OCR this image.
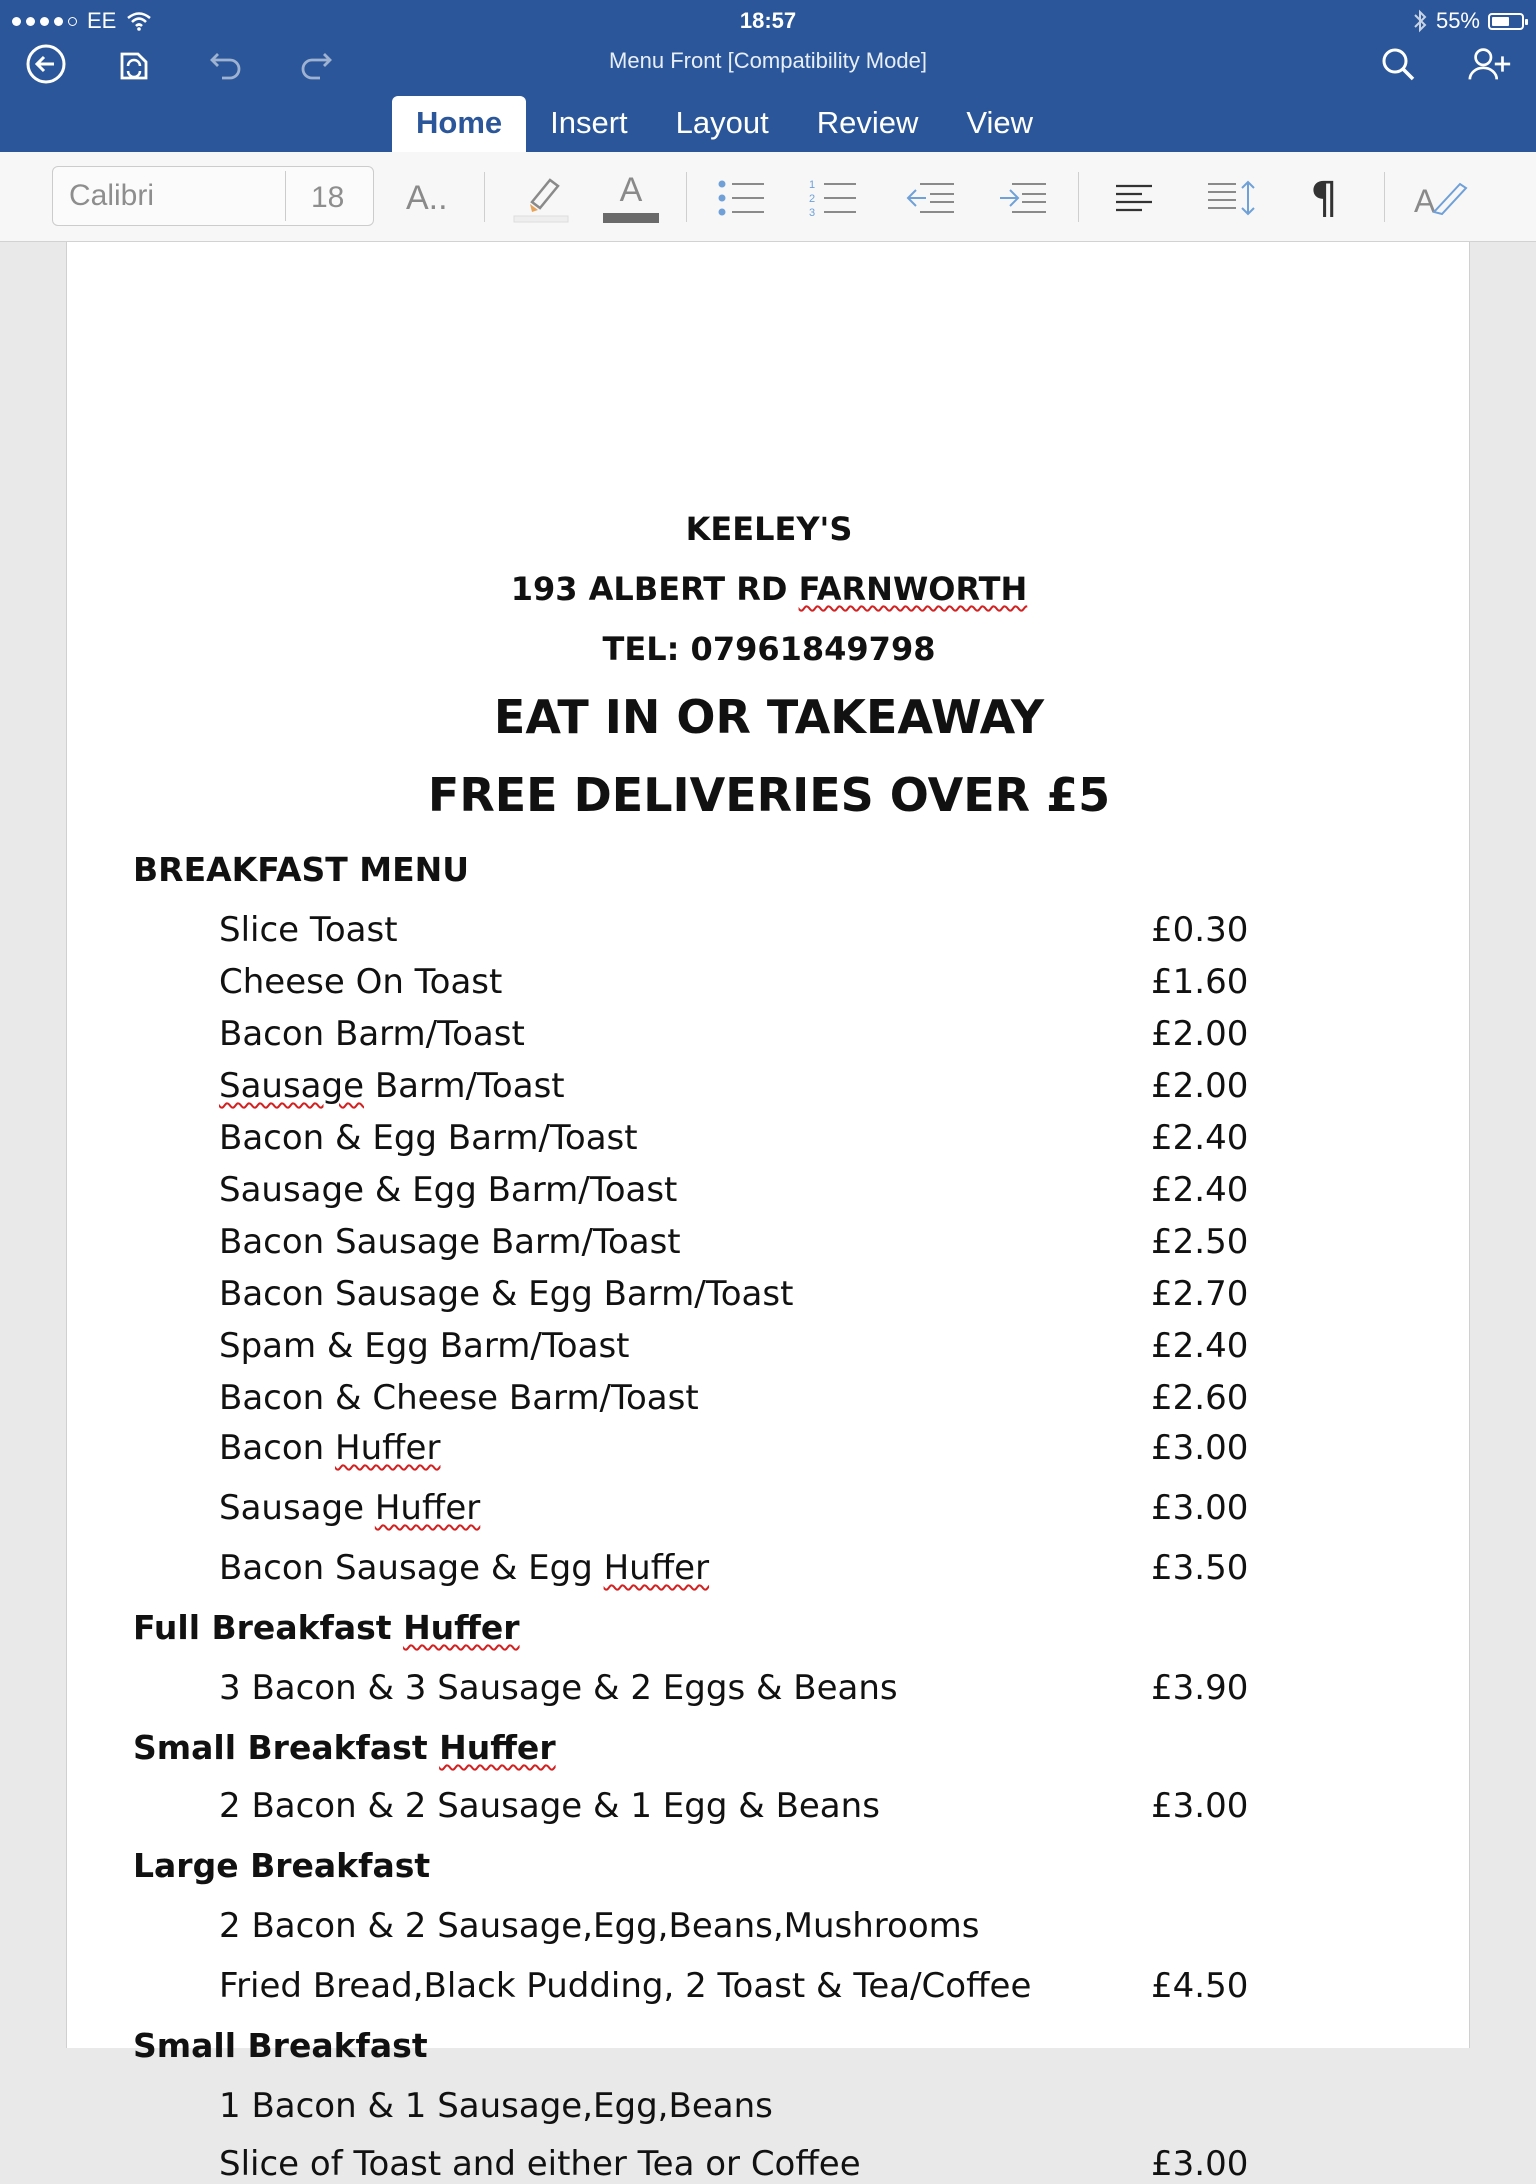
EE	18:57	55%
Menu Front [Compatibility Mode]
Home	Insert	Layout	Review	View
Calibri	18 A..	A	1
2
3	¶ A
KEELEY'S
193 ALBERT RD FARNWORTH
TEL: 07961849798
EAT IN OR TAKEAWAY
FREE DELIVERIES OVER £5
BREAKFAST MENU
Slice Toast	£0.30
Cheese On Toast	£1.60
Bacon Barm/Toast	£2.00
Sausage Barm/Toast	£2.00
Bacon & Egg Barm/Toast	£2.40
Sausage & Egg Barm/Toast	£2.40
Bacon Sausage Barm/Toast	£2.50
Bacon Sausage & Egg Barm/Toast	£2.70
Spam & Egg Barm/Toast	£2.40
Bacon & Cheese Barm/Toast	£2.60
Bacon Huffer	£3.00
Sausage Huffer	£3.00
Bacon Sausage & Egg Huffer	£3.50
Full Breakfast Huffer
3 Bacon & 3 Sausage & 2 Eggs & Beans	£3.90
Small Breakfast Huffer
2 Bacon & 2 Sausage & 1 Egg & Beans	£3.00
Large Breakfast
2 Bacon & 2 Sausage,Egg,Beans,Mushrooms
Fried Bread,Black Pudding, 2 Toast & Tea/Coffee	£4.50
Small Breakfast
1 Bacon & 1 Sausage,Egg,Beans
Slice of Toast and either Tea or Coffee	£3.00
